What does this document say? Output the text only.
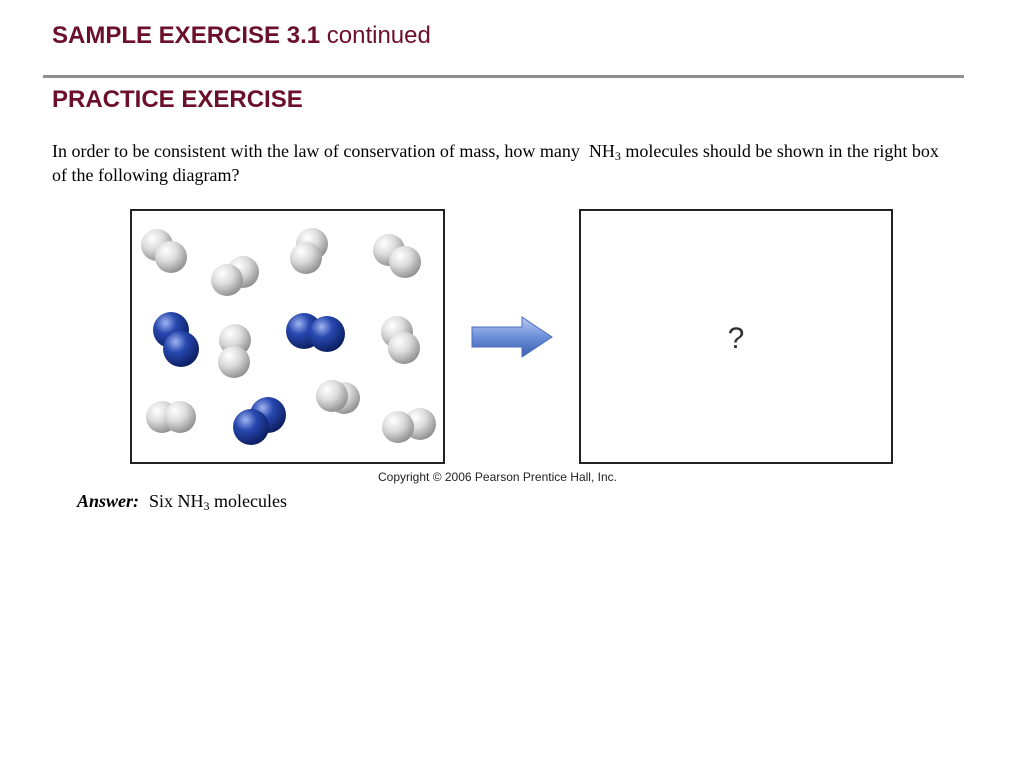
SAMPLE EXERCISE 3.1 continued
PRACTICE EXERCISE
In order to be consistent with the law of conservation of mass, how many  $NH_3$ molecules should be shown in the right box of the following diagram?
?
Copyright © 2006 Pearson Prentice Hall, Inc.
Answer: Six $NH_3$ molecules
